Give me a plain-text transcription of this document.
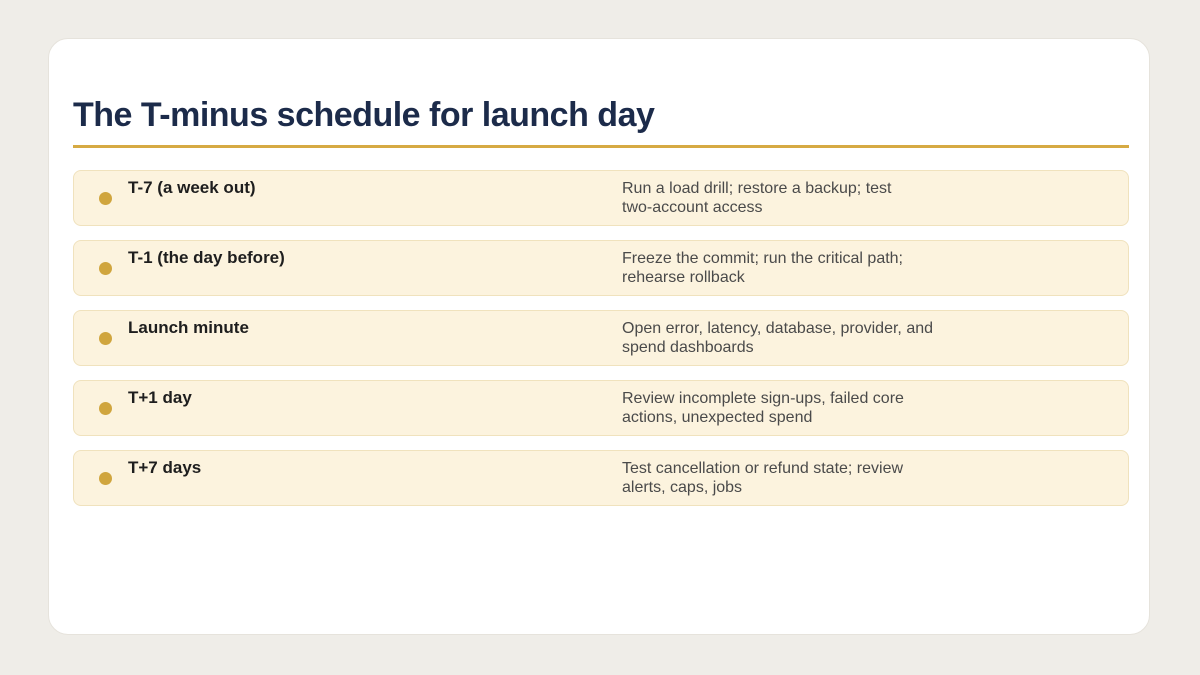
The T-minus schedule for launch day
T-7 (a week out)	Run a load drill; restore a backup; test
two-account access
T-1 (the day before)	Freeze the commit; run the critical path;
rehearse rollback
Launch minute	Open error, latency, database, provider, and
spend dashboards
T+1 day	Review incomplete sign-ups, failed core
actions, unexpected spend
T+7 days	Test cancellation or refund state; review
alerts, caps, jobs
